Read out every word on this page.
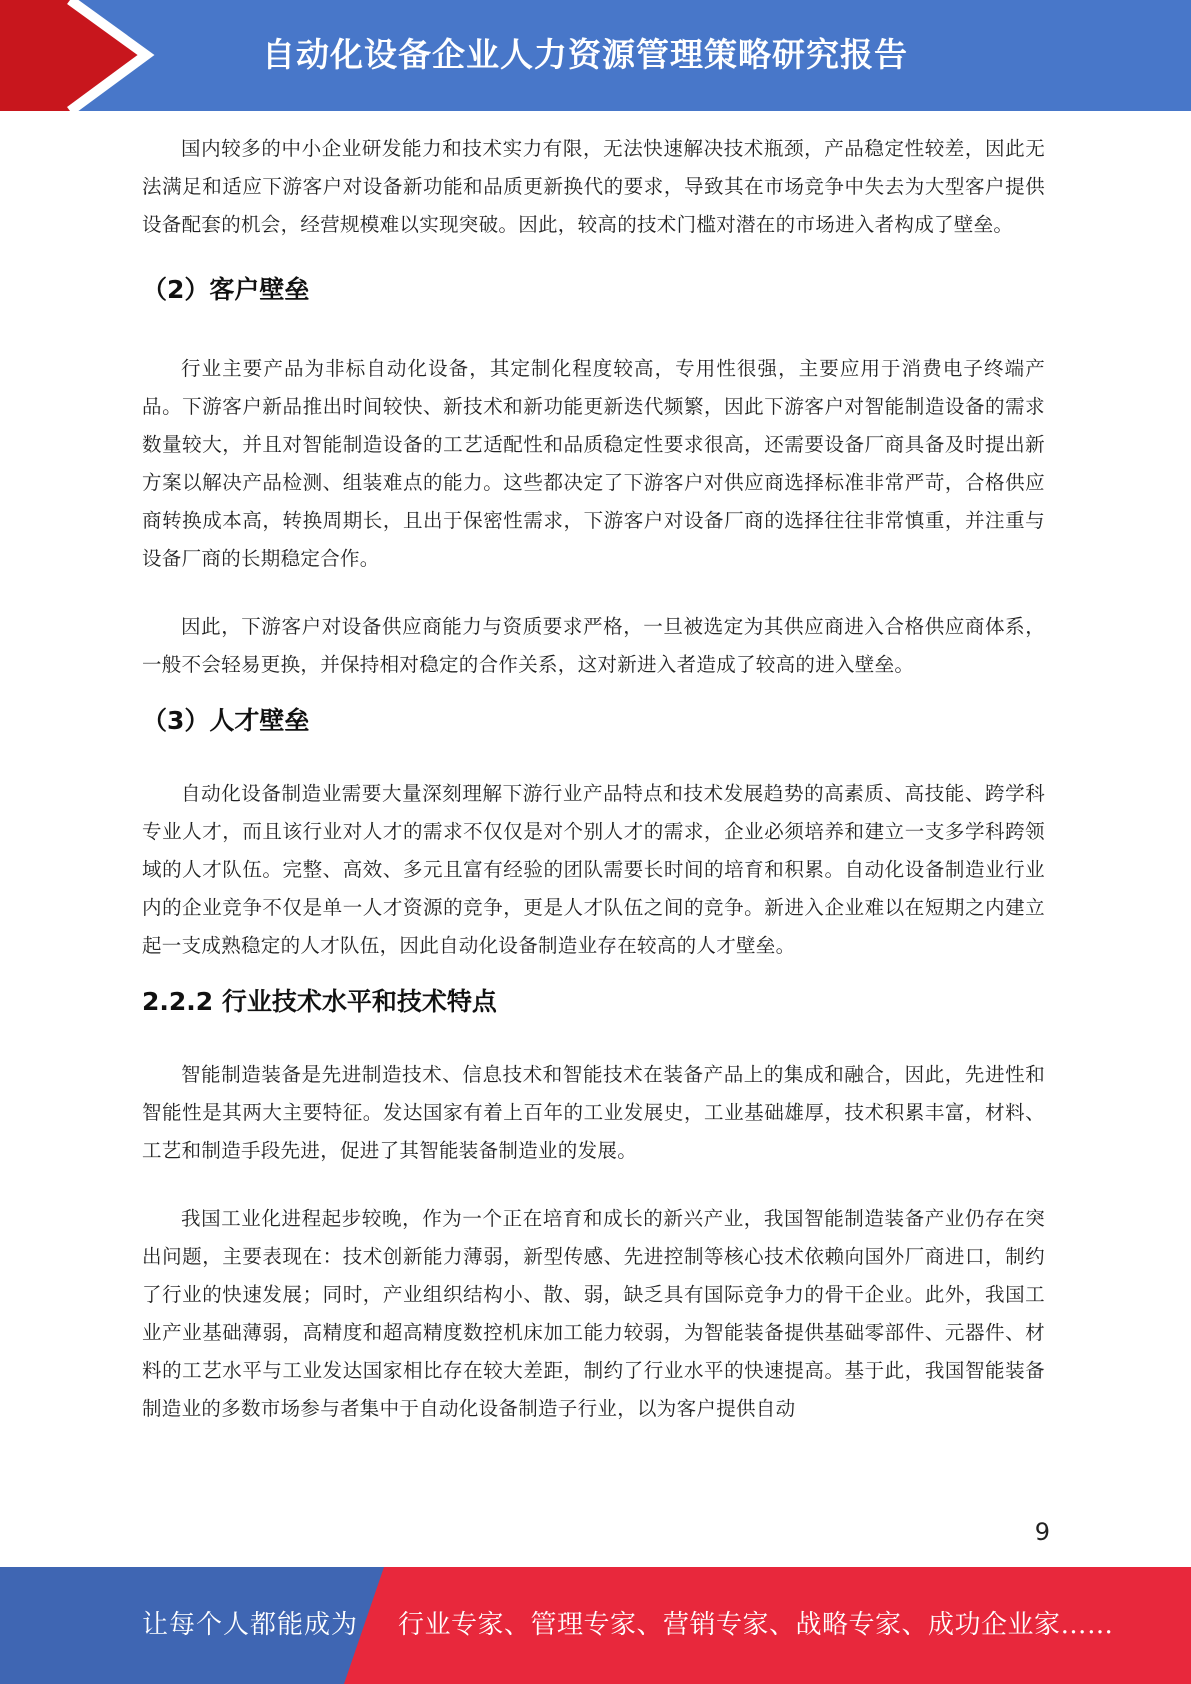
自动化设备企业人力资源管理策略研究报告

国内较多的中小企业研发能力和技术实力有限，无法快速解决技术瓶颈，产品稳定性较差，因此无法满足和适应下游客户对设备新功能和品质更新换代的要求，导致其在市场竞争中失去为大型客户提供设备配套的机会，经营规模难以实现突破。因此，较高的技术门槛对潜在的市场进入者构成了壁垒。

（2）客户壁垒

行业主要产品为非标自动化设备，其定制化程度较高，专用性很强，主要应用于消费电子终端产品。下游客户新品推出时间较快、新技术和新功能更新迭代频繁，因此下游客户对智能制造设备的需求数量较大，并且对智能制造设备的工艺适配性和品质稳定性要求很高，还需要设备厂商具备及时提出新方案以解决产品检测、组装难点的能力。这些都决定了下游客户对供应商选择标准非常严苛，合格供应商转换成本高，转换周期长，且出于保密性需求，下游客户对设备厂商的选择往往非常慎重，并注重与设备厂商的长期稳定合作。

因此，下游客户对设备供应商能力与资质要求严格，一旦被选定为其供应商进入合格供应商体系，一般不会轻易更换，并保持相对稳定的合作关系，这对新进入者造成了较高的进入壁垒。

（3）人才壁垒

自动化设备制造业需要大量深刻理解下游行业产品特点和技术发展趋势的高素质、高技能、跨学科专业人才，而且该行业对人才的需求不仅仅是对个别人才的需求，企业必须培养和建立一支多学科跨领域的人才队伍。完整、高效、多元且富有经验的团队需要长时间的培育和积累。自动化设备制造业行业内的企业竞争不仅是单一人才资源的竞争，更是人才队伍之间的竞争。新进入企业难以在短期之内建立起一支成熟稳定的人才队伍，因此自动化设备制造业存在较高的人才壁垒。

2.2.2 行业技术水平和技术特点

智能制造装备是先进制造技术、信息技术和智能技术在装备产品上的集成和融合，因此，先进性和智能性是其两大主要特征。发达国家有着上百年的工业发展史，工业基础雄厚，技术积累丰富，材料、工艺和制造手段先进，促进了其智能装备制造业的发展。

我国工业化进程起步较晚，作为一个正在培育和成长的新兴产业，我国智能制造装备产业仍存在突出问题，主要表现在：技术创新能力薄弱，新型传感、先进控制等核心技术依赖向国外厂商进口，制约了行业的快速发展；同时，产业组织结构小、散、弱，缺乏具有国际竞争力的骨干企业。此外，我国工业产业基础薄弱，高精度和超高精度数控机床加工能力较弱，为智能装备提供基础零部件、元器件、材料的工艺水平与工业发达国家相比存在较大差距，制约了行业水平的快速提高。基于此，我国智能装备制造业的多数市场参与者集中于自动化设备制造子行业，以为客户提供自动

9
让每个人都能成为 行业专家、管理专家、营销专家、战略专家、成功企业家……
